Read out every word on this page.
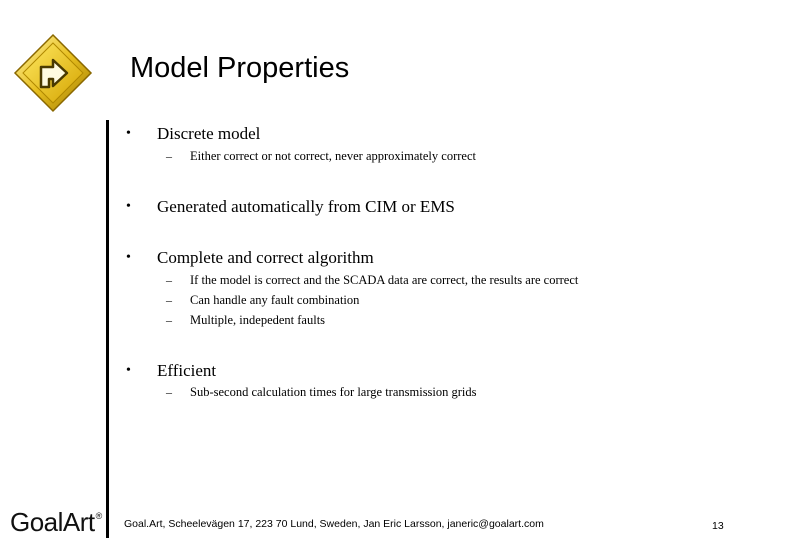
Model Properties
• Discrete model
– Either correct or not correct, never approximately correct
• Generated automatically from CIM or EMS
• Complete and correct algorithm
– If the model is correct and the SCADA data are correct, the results are correct
– Can handle any fault combination
– Multiple, indepedent faults
• Efficient
– Sub-second calculation times for large transmission grids
GoalArt®
Goal.Art, Scheelevägen 17, 223 70 Lund, Sweden, Jan Eric Larsson, janeric@goalart.com	13
